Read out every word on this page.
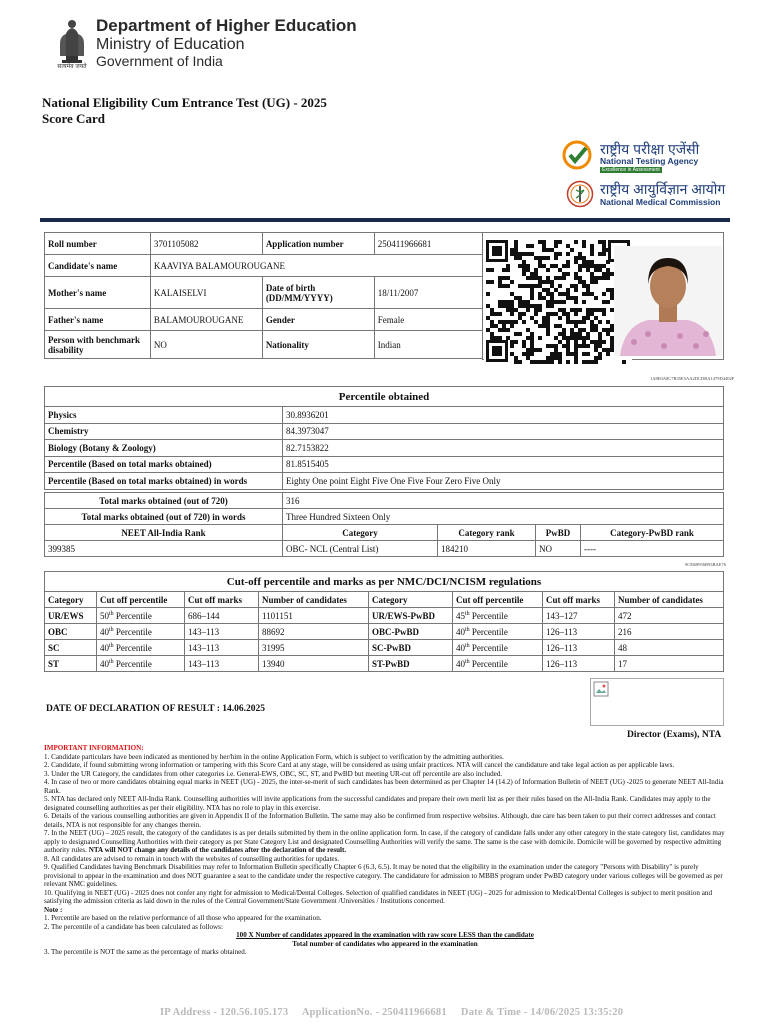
सत्यमेव जयते
Department of Higher Education
Ministry of Education
Government of India
National Eligibility Cum Entrance Test (UG) - 2025
Score Card
राष्ट्रीय परीक्षा एजेंसी
National Testing Agency
Excellence in Assessment
राष्ट्रीय आयुर्विज्ञान आयोग
National Medical Commission
Roll number	3701105082	Application number	250411966681	
Candidate's name	KAAVIYA BALAMOUROUGANE			
Mother's name	KALAISELVI	Date of birth (DD/MM/YYYY)	18/11/2007	
Father's name	BALAMOUROUGANE	Gender	Female	
Person with benchmark disability	NO	Nationality	Indian	

1A8E0A8C7B35E5AA2DCDBA1479D4402F
Percentile obtained	
Physics	30.8936201
Chemistry	84.3973047
Biology (Botany & Zoology)	82.7153822
Percentile (Based on total marks obtained)	81.8515405
Percentile (Based on total marks obtained) in words	Eighty One point Eight Five One Five Four Zero Five Only
Total marks obtained (out of 720)	316			
Total marks obtained (out of 720) in words	Three Hundred Sixteen Only			
NEET All-India Rank	Category	Category rank	PwBD	Category-PwBD rank
399385	OBC- NCL (Central List)	184210	NO	----
9CE6B956B93BAE76
Cut-off percentile and marks as per NMC/DCI/NCISM regulations							
Category	Cut off percentile	Cut off marks	Number of candidates	Category	Cut off percentile	Cut off marks	Number of candidates
UR/EWS	50th Percentile	686–144	1101151	UR/EWS-PwBD	45th Percentile	143–127	472
OBC	40th Percentile	143–113	88692	OBC-PwBD	40th Percentile	126–113	216
SC	40th Percentile	143–113	31995	SC-PwBD	40th Percentile	126–113	48
ST	40th Percentile	143–113	13940	ST-PwBD	40th Percentile	126–113	17
DATE OF DECLARATION OF RESULT : 14.06.2025
Director (Exams), NTA

IMPORTANT INFORMATION:

1. Candidate particulars have been indicated as mentioned by her/him in the online Application Form, which is subject to verification by the admitting authorities.

2. Candidate, if found submitting wrong information or tampering with this Score Card at any stage, will be considered as using unfair practices. NTA will cancel the candidature and take legal action as per applicable laws.

3. Under the UR Category, the candidates from other categories i.e. General-EWS, OBC, SC, ST, and PwBD but meeting UR-cut off percentile are also included.

4. In case of two or more candidates obtaining equal marks in NEET (UG) - 2025, the inter-se-merit of such candidates has been determined as per Chapter 14 (14.2) of Information Bulletin of NEET (UG) -2025 to generate NEET All-India Rank.

5. NTA has declared only NEET All-India Rank. Counselling authorities will invite applications from the successful candidates and prepare their own merit list as per their rules based on the All-India Rank. Candidates may apply to the designated counselling authorities as per their eligibility. NTA has no role to play in this exercise.

6. Details of the various counselling authorities are given in Appendix II of the Information Bulletin. The same may also be confirmed from respective websites. Although, due care has been taken to put their correct addresses and contact details, NTA is not responsible for any changes therein.

7. In the NEET (UG) – 2025 result, the category of the candidates is as per details submitted by them in the online application form. In case, if the category of candidate falls under any other category in the state category list, candidates may apply to designated Counselling Authorities with their category as per State Category List and designated Counselling Authorities will verify the same. The same is the case with domicile. Domicile will be governed by respective admitting authority rules. NTA will NOT change any details of the candidates after the declaration of the result.

8. All candidates are advised to remain in touch with the websites of counselling authorities for updates.

9. Qualified Candidates having Benchmark Disabilities may refer to Information Bulletin specifically Chapter 6 (6.3, 6.5). It may be noted that the eligibility in the examination under the category "Persons with Disability" is purely provisional to appear in the examination and does NOT guarantee a seat to the candidate under the respective category. The candidature for admission to MBBS program under PwBD category under various colleges will be governed as per relevant NMC guidelines.

10. Qualifying in NEET (UG) - 2025 does not confer any right for admission to Medical/Dental Colleges. Selection of qualified candidates in NEET (UG) - 2025 for admission to Medical/Dental Colleges is subject to merit position and satisfying the admission criteria as laid down in the rules of the Central Government/State Government /Universities / Institutions concerned.

Note :

1. Percentile are based on the relative performance of all those who appeared for the examination.

2. The percentile of a candidate has been calculated as follows:

100 X Number of candidates appeared in the examination with raw score LESS than the candidate
Total number of candidates who appeared in the examination

3. The percentile is NOT the same as the percentage of marks obtained.

IP Address - 120.56.105.173     ApplicationNo. - 250411966681     Date & Time - 14/06/2025 13:35:20
